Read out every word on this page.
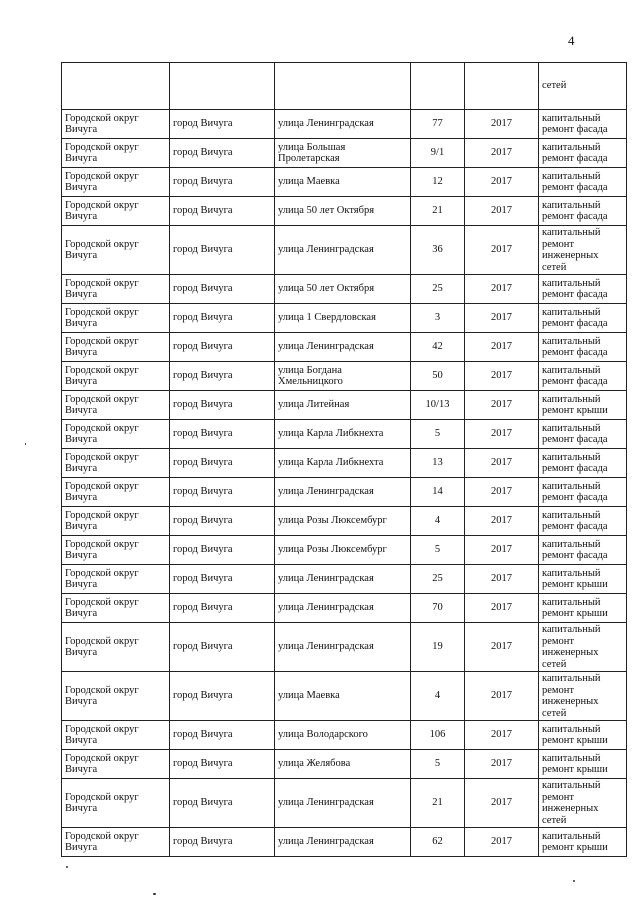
4
					сетей
Городской округ Вичуга	город Вичуга	улица Ленинградская	77	2017	капитальный ремонт фасада
Городской округ Вичуга	город Вичуга	улица Большая Пролетарская	9/1	2017	капитальный ремонт фасада
Городской округ Вичуга	город Вичуга	улица Маевка	12	2017	капитальный ремонт фасада
Городской округ Вичуга	город Вичуга	улица 50 лет Октября	21	2017	капитальный ремонт фасада
Городской округ Вичуга	город Вичуга	улица Ленинградская	36	2017	капитальный ремонт инженерных сетей
Городской округ Вичуга	город Вичуга	улица 50 лет Октября	25	2017	капитальный ремонт фасада
Городской округ Вичуга	город Вичуга	улица 1 Свердловская	3	2017	капитальный ремонт фасада
Городской округ Вичуга	город Вичуга	улица Ленинградская	42	2017	капитальный ремонт фасада
Городской округ Вичуга	город Вичуга	улица Богдана Хмельницкого	50	2017	капитальный ремонт фасада
Городской округ Вичуга	город Вичуга	улица Литейная	10/13	2017	капитальный ремонт крыши
Городской округ Вичуга	город Вичуга	улица Карла Либкнехта	5	2017	капитальный ремонт фасада
Городской округ Вичуга	город Вичуга	улица Карла Либкнехта	13	2017	капитальный ремонт фасада
Городской округ Вичуга	город Вичуга	улица Ленинградская	14	2017	капитальный ремонт фасада
Городской округ Вичуга	город Вичуга	улица Розы Люксембург	4	2017	капитальный ремонт фасада
Городской округ Вичуга	город Вичуга	улица Розы Люксембург	5	2017	капитальный ремонт фасада
Городской округ Вичуга	город Вичуга	улица Ленинградская	25	2017	капитальный ремонт крыши
Городской округ Вичуга	город Вичуга	улица Ленинградская	70	2017	капитальный ремонт крыши
Городской округ Вичуга	город Вичуга	улица Ленинградская	19	2017	капитальный ремонт инженерных сетей
Городской округ Вичуга	город Вичуга	улица Маевка	4	2017	капитальный ремонт инженерных сетей
Городской округ Вичуга	город Вичуга	улица Володарского	106	2017	капитальный ремонт крыши
Городской округ Вичуга	город Вичуга	улица Желябова	5	2017	капитальный ремонт крыши
Городской округ Вичуга	город Вичуга	улица Ленинградская	21	2017	капитальный ремонт инженерных сетей
Городской округ Вичуга	город Вичуга	улица Ленинградская	62	2017	капитальный ремонт крыши
